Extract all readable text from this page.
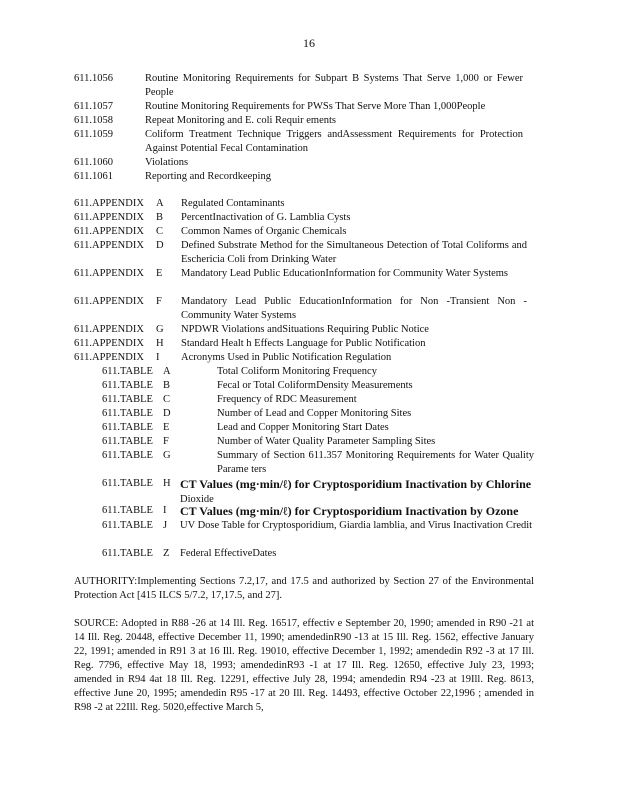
16
611.1056	Routine Monitoring Requirements for Subpart B Systems That Serve 1,000 or Fewer People
611.1057	Routine Monitoring Requirements for PWSs That Serve More Than 1,000People
611.1058	Repeat Monitoring and E. coli Requir ements
611.1059	Coliform Treatment Technique Triggers andAssessment Requirements for Protection Against Potential Fecal Contamination
611.1060	Violations
611.1061	Reporting and Recordkeeping
611.APPENDIX	A	Regulated Contaminants
611.APPENDIX	B	PercentInactivation of G. Lamblia Cysts
611.APPENDIX	C	Common Names of Organic Chemicals
611.APPENDIX	D	Defined Substrate Method for the Simultaneous Detection of Total Coliforms and Eschericia Coli from Drinking Water
611.APPENDIX	E	Mandatory Lead Public EducationInformation for Community Water Systems
611.APPENDIX	F	Mandatory Lead Public EducationInformation for Non -Transient Non - Community Water Systems
611.APPENDIX	G	NPDWR Violations andSituations Requiring Public Notice
611.APPENDIX	H	Standard Healt h Effects Language for Public Notification
611.APPENDIX	I	Acronyms Used in Public Notification Regulation
611.TABLE A	Total Coliform Monitoring Frequency
611.TABLE B	Fecal or Total ColiformDensity Measurements
611.TABLE C	Frequency of RDC Measurement
611.TABLE D	Number of Lead and Copper Monitoring Sites
611.TABLE E	Lead and Copper Monitoring Start Dates
611.TABLE F	Number of Water Quality Parameter Sampling Sites
611.TABLE G	Summary of Section 611.357 Monitoring Requirements for Water Quality Parame ters
611.TABLE H CT Values (mg·min/ℓ) for Cryptosporidium Inactivation by Chlorine Dioxide
611.TABLE I	CT Values (mg·min/ℓ) for Cryptosporidium Inactivation by Ozone
611.TABLE J	UV Dose Table for Cryptosporidium, Giardia lamblia, and Virus Inactivation Credit
611.TABLE Z	Federal EffectiveDates
AUTHORITY:Implementing Sections 7.2,17, and 17.5 and authorized by Section 27 of the Environmental Protection Act [415 ILCS 5/7.2, 17,17.5, and 27].
SOURCE: Adopted in R88 -26 at 14 Ill. Reg. 16517, effectiv e September 20, 1990; amended in R90 -21 at 14 Ill. Reg. 20448, effective December 11, 1990; amendedinR90 -13 at 15 Ill. Reg. 1562, effective January 22, 1991; amended in R91 3 at 16 Ill. Reg. 19010, effective December 1, 1992; amendedin R92 -3 at 17 Ill. Reg. 7796, effective May 18, 1993; amendedinR93 -1 at 17 Ill. Reg. 12650, effective July 23, 1993; amended in R94 4at 18 Ill. Reg. 12291, effective July 28, 1994; amendedin R94 -23 at 19Ill. Reg. 8613, effective June 20, 1995; amendedin R95 -17 at 20 Ill. Reg. 14493, effective October 22,1996 ; amended in R98 -2 at 22Ill. Reg. 5020,effective March 5,
